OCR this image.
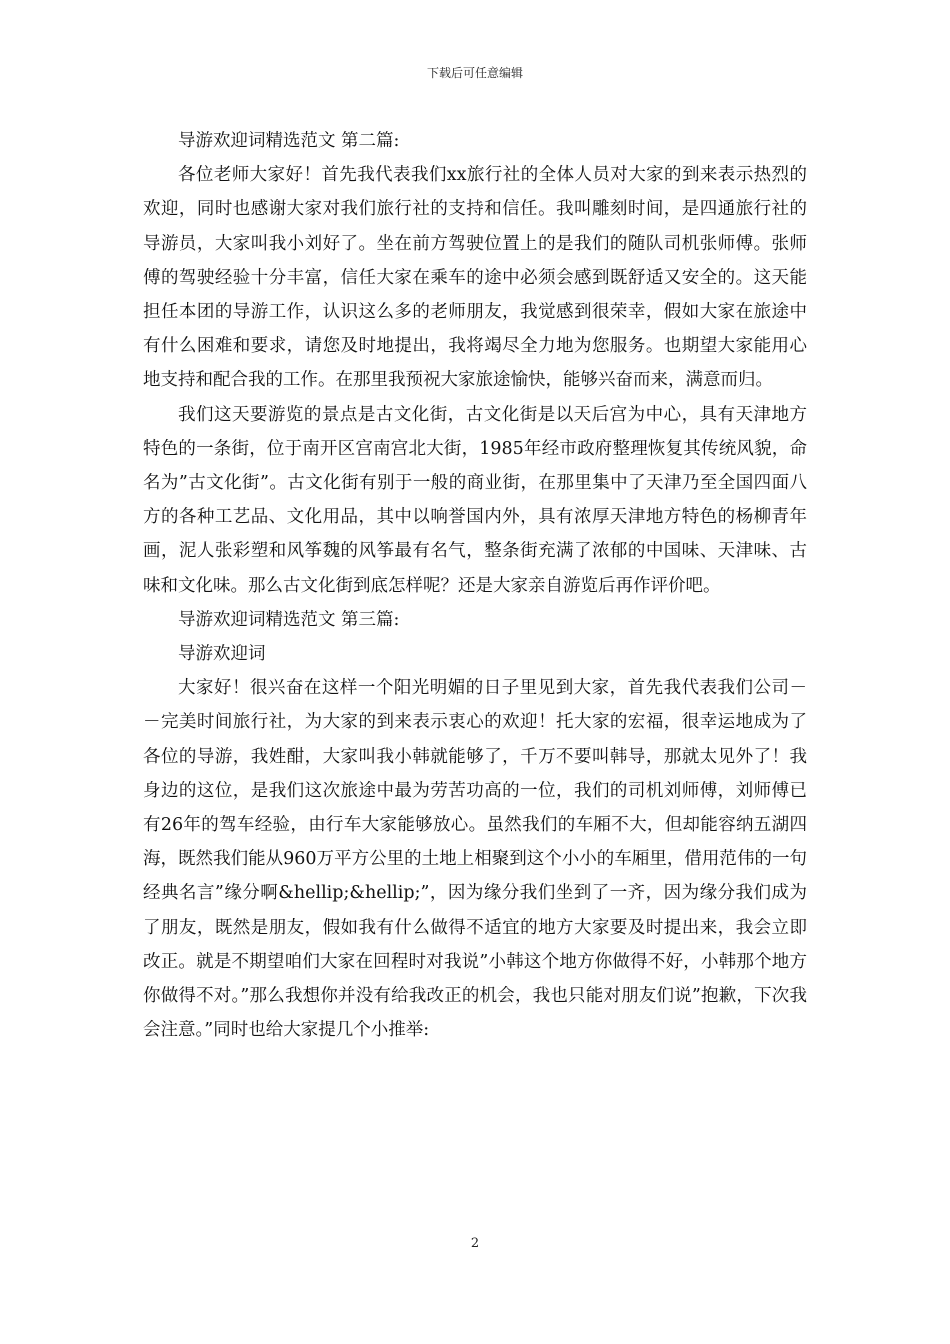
下载后可任意编辑

导游欢迎词精选范文 第二篇:

各位老师大家好！首先我代表我们xx旅行社的全体人员对大家的到来表示热烈的欢迎，同时也感谢大家对我们旅行社的支持和信任。我叫雕刻时间，是四通旅行社的导游员，大家叫我小刘好了。坐在前方驾驶位置上的是我们的随队司机张师傅。张师傅的驾驶经验十分丰富，信任大家在乘车的途中必须会感到既舒适又安全的。这天能担任本团的导游工作，认识这么多的老师朋友，我觉感到很荣幸，假如大家在旅途中有什么困难和要求，请您及时地提出，我将竭尽全力地为您服务。也期望大家能用心地支持和配合我的工作。在那里我预祝大家旅途愉快，能够兴奋而来，满意而归。

我们这天要游览的景点是古文化街，古文化街是以天后宫为中心，具有天津地方特色的一条街，位于南开区宫南宫北大街，1985年经市政府整理恢复其传统风貌，命名为”古文化街”。古文化街有别于一般的商业街，在那里集中了天津乃至全国四面八方的各种工艺品、文化用品，其中以响誉国内外，具有浓厚天津地方特色的杨柳青年画，泥人张彩塑和风筝魏的风筝最有名气，整条街充满了浓郁的中国味、天津味、古味和文化味。那么古文化街到底怎样呢？还是大家亲自游览后再作评价吧。

导游欢迎词精选范文 第三篇:

导游欢迎词

大家好！很兴奋在这样一个阳光明媚的日子里见到大家，首先我代表我们公司－－完美时间旅行社，为大家的到来表示衷心的欢迎！托大家的宏福，很幸运地成为了各位的导游，我姓酣，大家叫我小韩就能够了，千万不要叫韩导，那就太见外了！我身边的这位，是我们这次旅途中最为劳苦功高的一位，我们的司机刘师傅，刘师傅已有26年的驾车经验，由行车大家能够放心。虽然我们的车厢不大，但却能容纳五湖四海，既然我们能从960万平方公里的土地上相聚到这个小小的车厢里，借用范伟的一句经典名言”缘分啊&hellip;&hellip;”，因为缘分我们坐到了一齐，因为缘分我们成为了朋友，既然是朋友，假如我有什么做得不适宜的地方大家要及时提出来，我会立即改正。就是不期望咱们大家在回程时对我说”小韩这个地方你做得不好，小韩那个地方你做得不对。”那么我想你并没有给我改正的机会，我也只能对朋友们说”抱歉，下次我会注意。”同时也给大家提几个小推举:

2
